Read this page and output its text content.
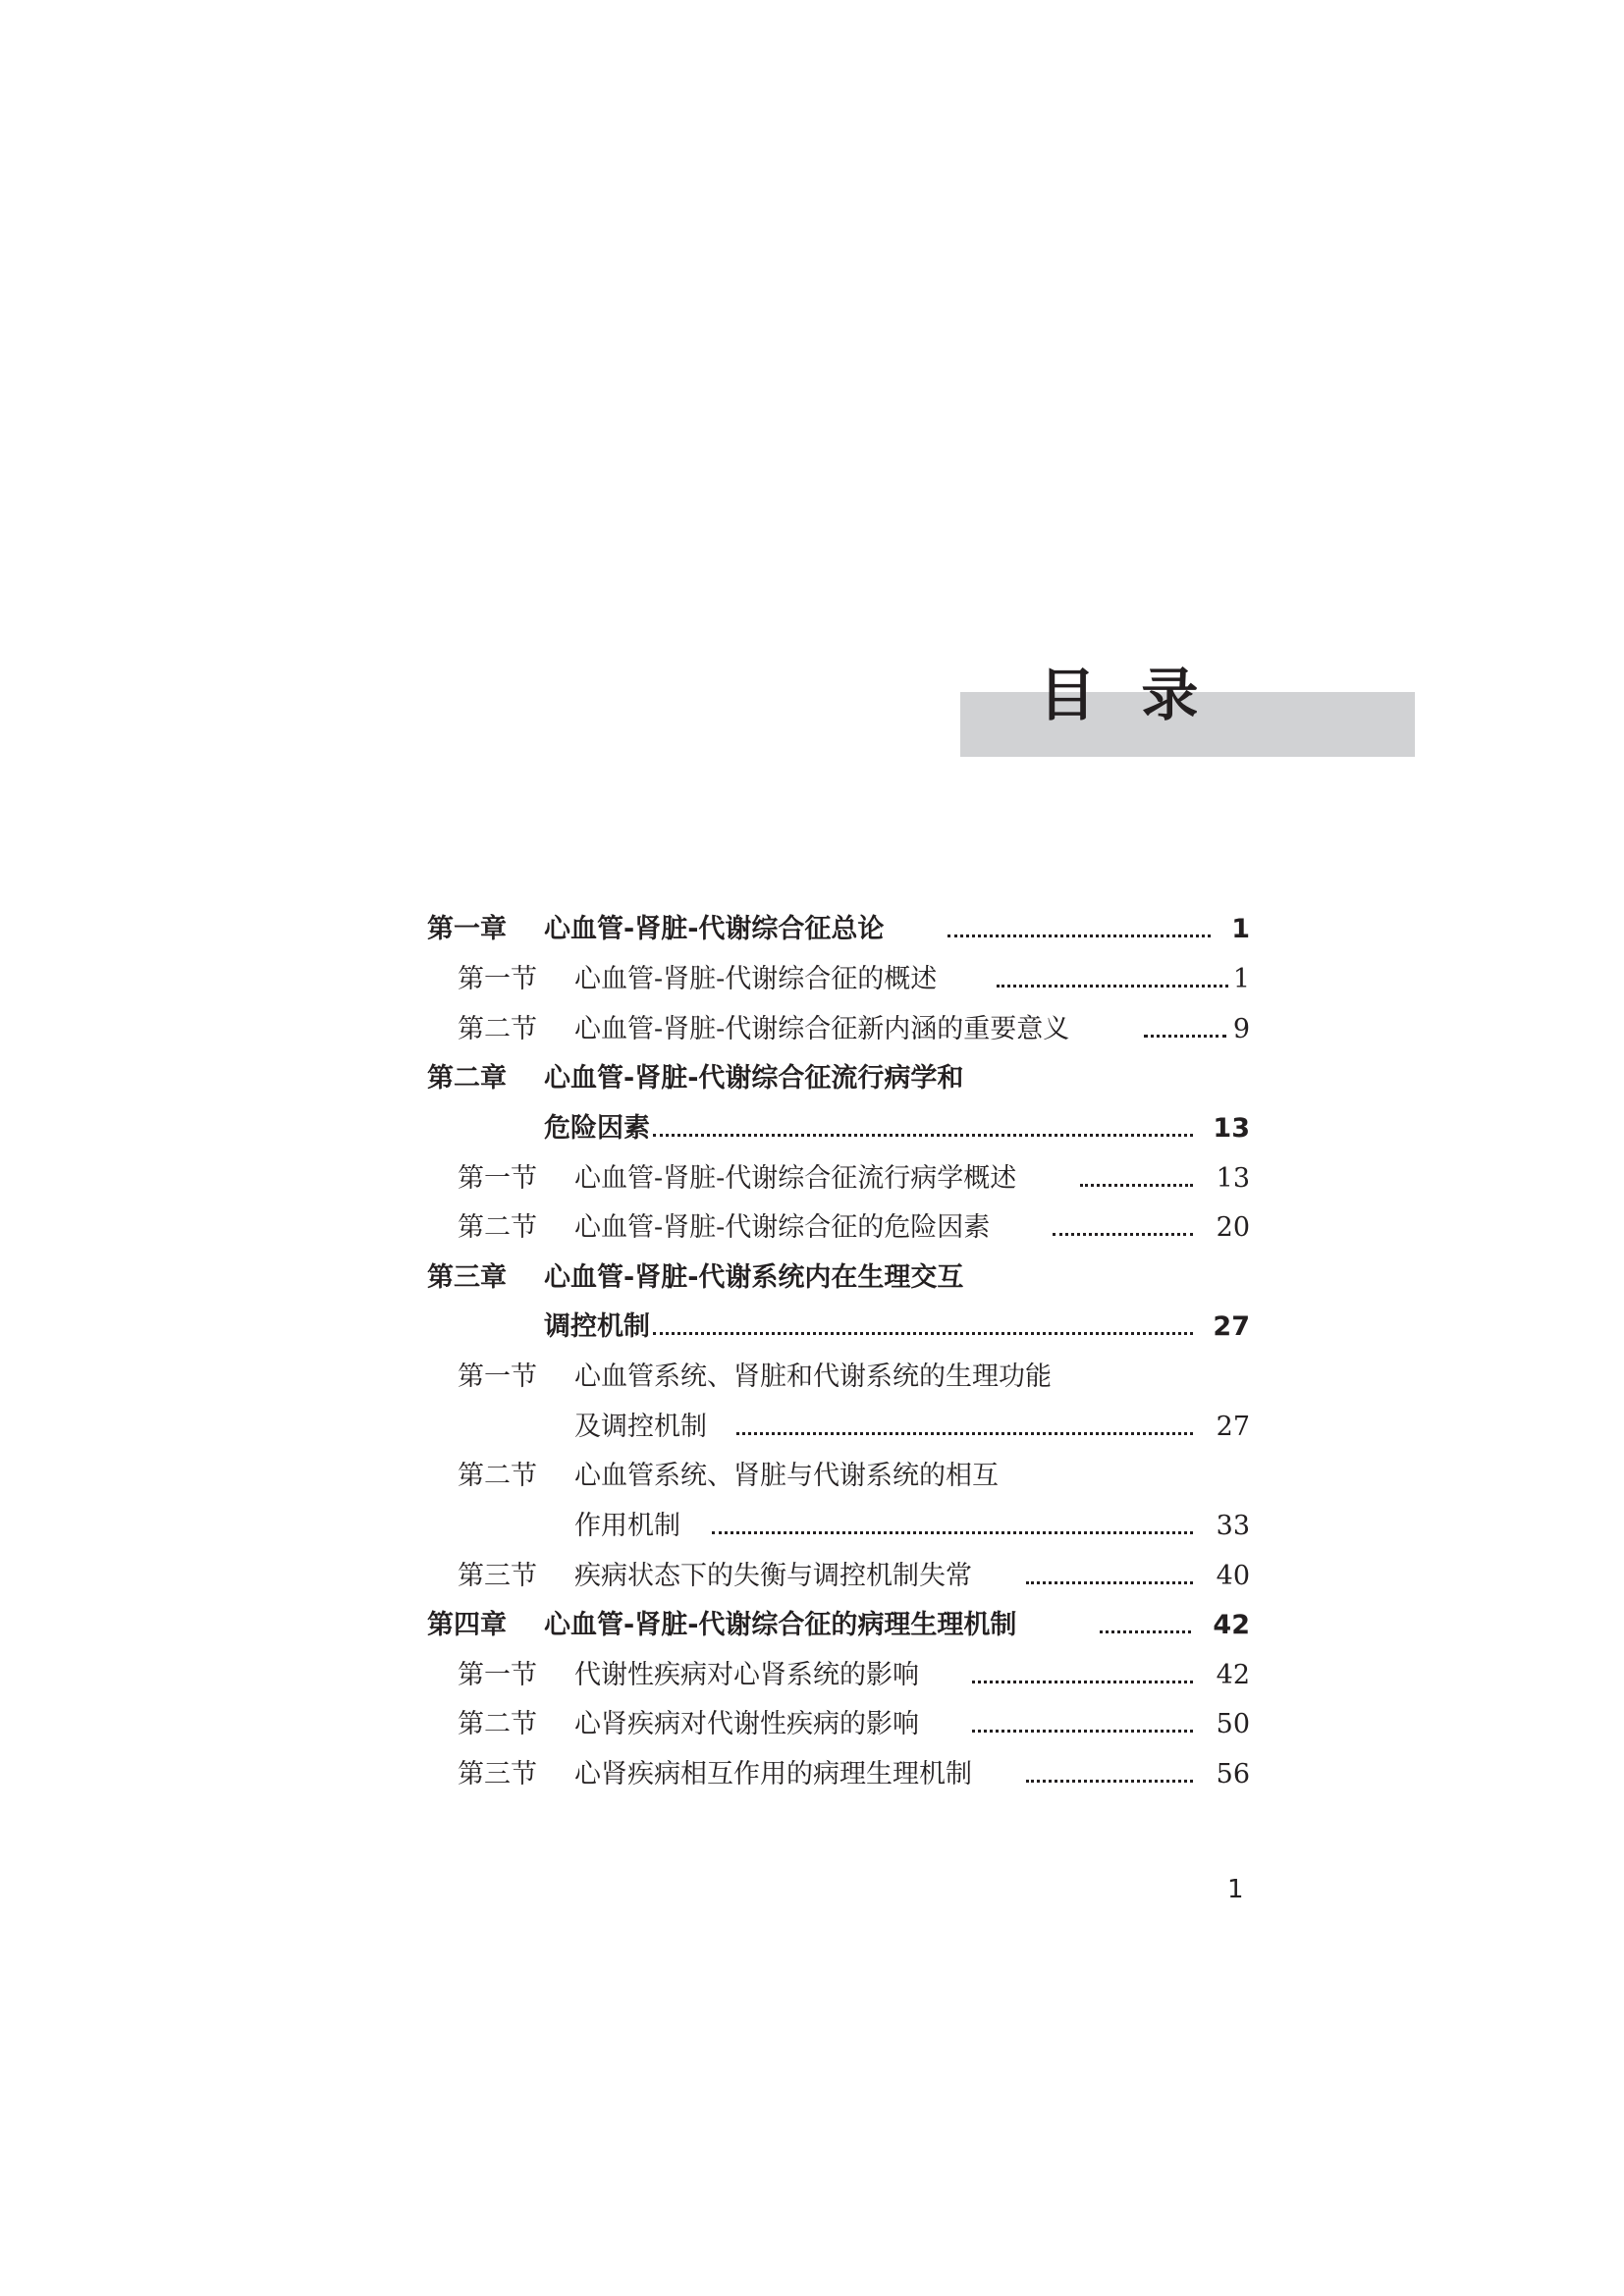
目  录
第一章 心血管-肾脏-代谢综合征总论	1
第一节 心血管-肾脏-代谢综合征的概述	1
第二节 心血管-肾脏-代谢综合征新内涵的重要意义	9
第二章 心血管-肾脏-代谢综合征流行病学和
危险因素	13
第一节 心血管-肾脏-代谢综合征流行病学概述	13
第二节 心血管-肾脏-代谢综合征的危险因素	20
第三章 心血管-肾脏-代谢系统内在生理交互
调控机制	27
第一节 心血管系统、肾脏和代谢系统的生理功能
及调控机制	27
第二节 心血管系统、肾脏与代谢系统的相互
作用机制	33
第三节 疾病状态下的失衡与调控机制失常	40
第四章 心血管-肾脏-代谢综合征的病理生理机制	42
第一节 代谢性疾病对心肾系统的影响	42
第二节 心肾疾病对代谢性疾病的影响	50
第三节 心肾疾病相互作用的病理生理机制	56
1
